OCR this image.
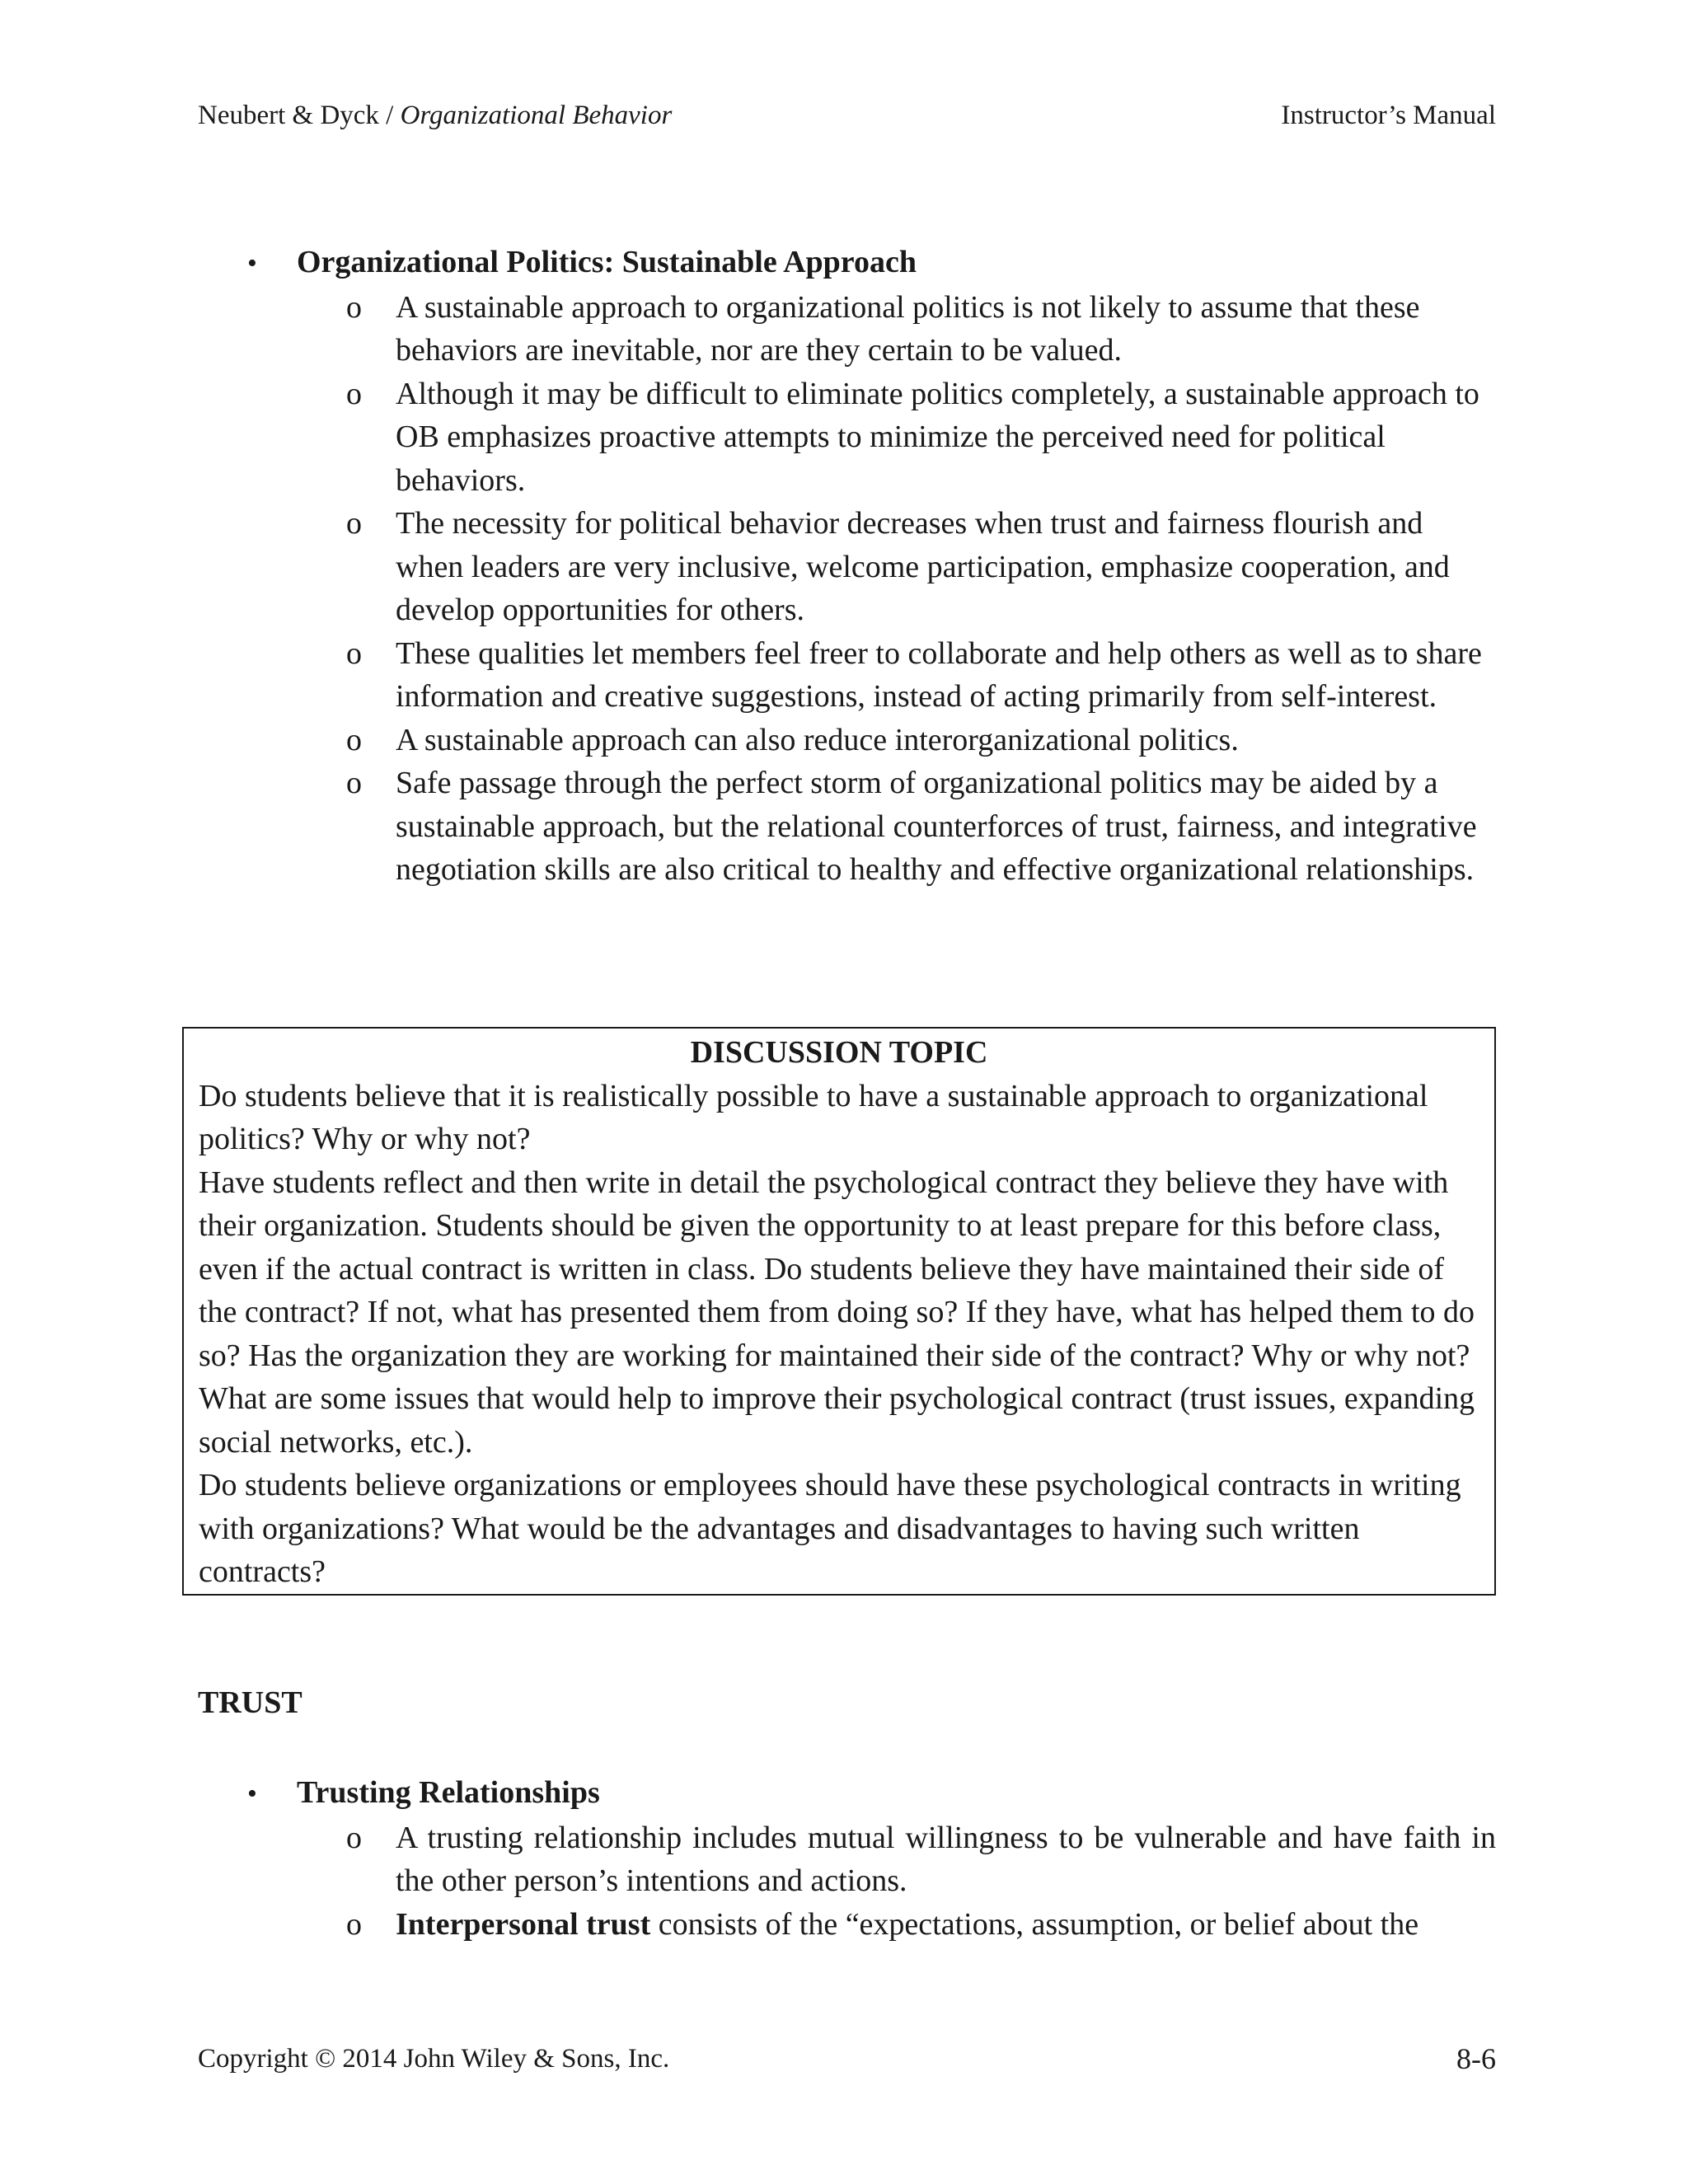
Neubert & Dyck / Organizational Behavior	Instructor’s Manual
•	Organizational Politics: Sustainable Approach
o	A sustainable approach to organizational politics is not likely to assume that these behaviors are inevitable, nor are they certain to be valued.
o	Although it may be difficult to eliminate politics completely, a sustainable approach to OB emphasizes proactive attempts to minimize the perceived need for political behaviors.
o	The necessity for political behavior decreases when trust and fairness flourish and when leaders are very inclusive, welcome participation, emphasize cooperation, and develop opportunities for others.
o	These qualities let members feel freer to collaborate and help others as well as to share information and creative suggestions, instead of acting primarily from self-interest.
o	A sustainable approach can also reduce interorganizational politics.
o	Safe passage through the perfect storm of organizational politics may be aided by a sustainable approach, but the relational counterforces of trust, fairness, and integrative negotiation skills are also critical to healthy and effective organizational relationships.
DISCUSSION TOPIC

Do students believe that it is realistically possible to have a sustainable approach to organizational politics? Why or why not?

Have students reflect and then write in detail the psychological contract they believe they have with their organization. Students should be given the opportunity to at least prepare for this before class, even if the actual contract is written in class. Do students believe they have maintained their side of the contract? If not, what has presented them from doing so? If they have, what has helped them to do so? Has the organization they are working for maintained their side of the contract? Why or why not? What are some issues that would help to improve their psychological contract (trust issues, expanding social networks, etc.).

Do students believe organizations or employees should have these psychological contracts in writing with organizations? What would be the advantages and disadvantages to having such written contracts?

TRUST
•	Trusting Relationships
o	A trusting relationship includes mutual willingness to be vulnerable and have faith in the other person’s intentions and actions.
o	Interpersonal trust consists of the “expectations, assumption, or belief about the
Copyright © 2014 John Wiley & Sons, Inc.	8-6
